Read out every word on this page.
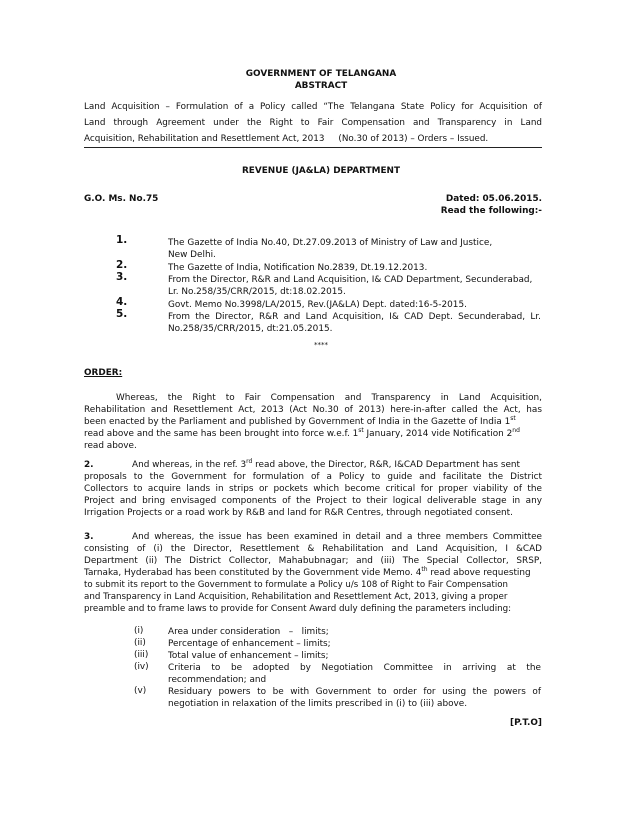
GOVERNMENT OF TELANGANA
ABSTRACT
Land Acquisition – Formulation of a Policy called “The Telangana State Policy for Acquisition of
Land through Agreement under the Right to Fair Compensation and Transparency in Land
Acquisition, Rehabilitation and Resettlement Act, 2013     (No.30 of 2013) – Orders – Issued.
REVENUE (JA&LA) DEPARTMENT
G.O. Ms. No.75	Dated: 05.06.2015.
Read the following:-
1.	The Gazette of India No.40, Dt.27.09.2013 of Ministry of Law and Justice,
New Delhi.
2.	The Gazette of India, Notification No.2839, Dt.19.12.2013.
3.	From the Director, R&R and Land Acquisition, I& CAD Department, Secunderabad,
Lr. No.258/35/CRR/2015, dt:18.02.2015.
4.	Govt. Memo No.3998/LA/2015, Rev.(JA&LA) Dept. dated:16-5-2015.
5.	From the Director, R&R and Land Acquisition, I& CAD Dept. Secunderabad, Lr.
No.258/35/CRR/2015, dt:21.05.2015.
****
ORDER:
Whereas, the Right to Fair Compensation and Transparency in Land Acquisition,
Rehabilitation and Resettlement Act, 2013 (Act No.30 of 2013) here-in-after called the Act, has
been enacted by the Parliament and published by Government of India in the Gazette of India 1st
read above and the same has been brought into force w.e.f. 1st January, 2014 vide Notification 2nd
read above.
2.	And whereas, in the ref. 3rd read above, the Director, R&R, I&CAD Department has sent
proposals to the Government for formulation of a Policy to guide and facilitate the District
Collectors to acquire lands in strips or pockets which become critical for proper viability of the
Project and bring envisaged components of the Project to their logical deliverable stage in any
Irrigation Projects or a road work by R&B and land for R&R Centres, through negotiated consent.
3.	And whereas, the issue has been examined in detail and a three members Committee
consisting of (i) the Director, Resettlement & Rehabilitation and Land Acquisition, I &CAD
Department (ii) The District Collector, Mahabubnagar; and (iii) The Special Collector, SRSP,
Tarnaka, Hyderabad has been constituted by the Government vide Memo. 4th read above requesting
to submit its report to the Government to formulate a Policy u/s 108 of Right to Fair Compensation
and Transparency in Land Acquisition, Rehabilitation and Resettlement Act, 2013, giving a proper
preamble and to frame laws to provide for Consent Award duly defining the parameters including:
(i)	Area under consideration   –   limits;
(ii) Percentage of enhancement – limits;
(iii) Total value of enhancement – limits;
(iv) Criteria to be adopted by Negotiation Committee in arriving at the
recommendation; and
(v) Residuary powers to be with Government to order for using the powers of
negotiation in relaxation of the limits prescribed in (i) to (iii) above.
[P.T.O]
